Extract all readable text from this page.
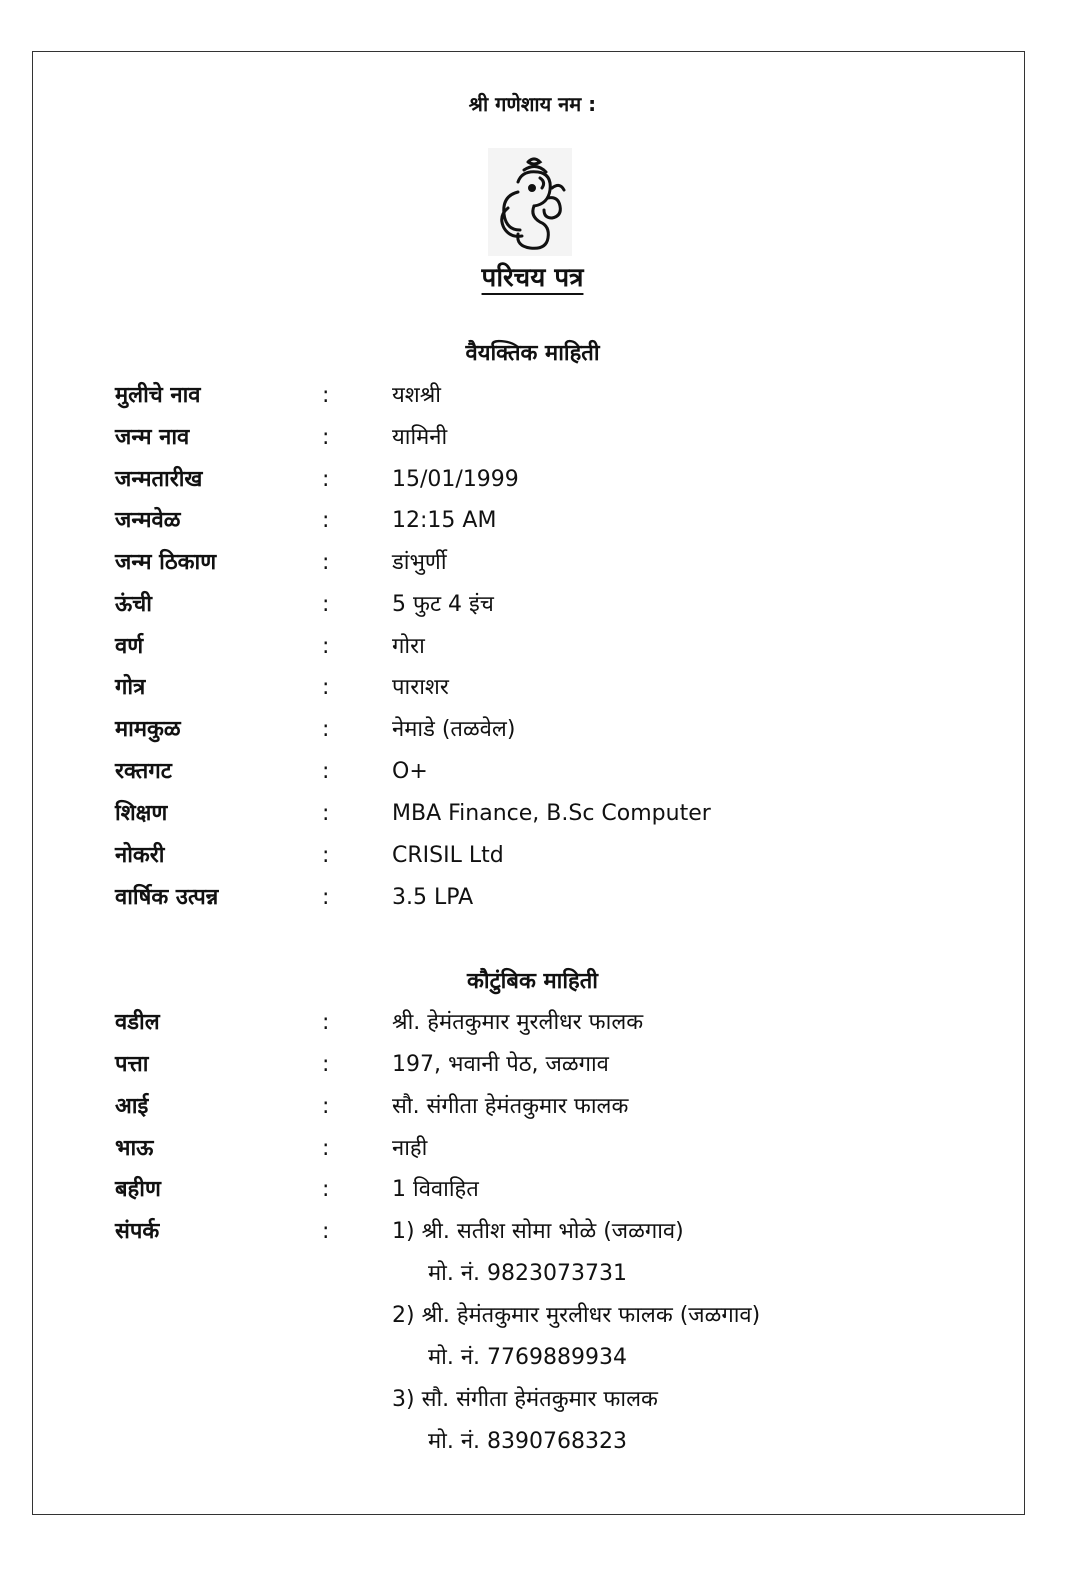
श्री गणेशाय नम :
परिचय पत्र
वैयक्तिक माहिती
मुलीचे नाव	:	यशश्री
जन्म नाव	:	यामिनी
जन्मतारीख	:	15/01/1999
जन्मवेळ	:	12:15 AM
जन्म ठिकाण	:	डांभुर्णी
ऊंची	:	5 फुट 4 इंच
वर्ण	:	गोरा
गोत्र	:	पाराशर
मामकुळ	:	नेमाडे (तळवेल)
रक्तगट	:	O+
शिक्षण	:	MBA Finance, B.Sc Computer
नोकरी	:	CRISIL Ltd
वार्षिक उत्पन्न	:	3.5 LPA
कौटुंबिक माहिती
वडील	:	श्री. हेमंतकुमार मुरलीधर फालक
पत्ता	:	197, भवानी पेठ, जळगाव
आई	:	सौ. संगीता हेमंतकुमार फालक
भाऊ	:	नाही
बहीण	:	1 विवाहित
संपर्क	:	1) श्री. सतीश सोमा भोळे (जळगाव)
मो. नं. 9823073731
2) श्री. हेमंतकुमार मुरलीधर फालक (जळगाव)
मो. नं. 7769889934
3) सौ. संगीता हेमंतकुमार फालक
मो. नं. 8390768323
